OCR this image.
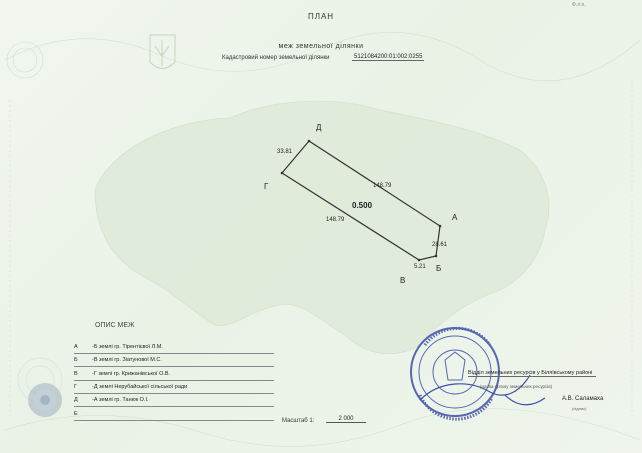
Д
А
Б
В
Г
33.81
148.79
148.79
28.61
5.21
0.500
Ф.л.п.
ПЛАН
меж земельної ділянки
Кадастровий номер земельної ділянки	5121084200:01:002:0255
ОПИС МЕЖ
А	-Б землі гр. Тірентієвої Л.М.
Б	-В землі гр. Зіатунової М.С.
В	-Г землі гр. Крижанівської О.В.
Г	-Д землі Нерубайської сільської ради
Д	-А землі гр. Танюк О.І.
Е
Масштаб 1:	2 000
Відділ земельних ресурсів у Біляївському районі
(назва органу земельних ресурсів)
А.В. Саламаха
(підпис)
